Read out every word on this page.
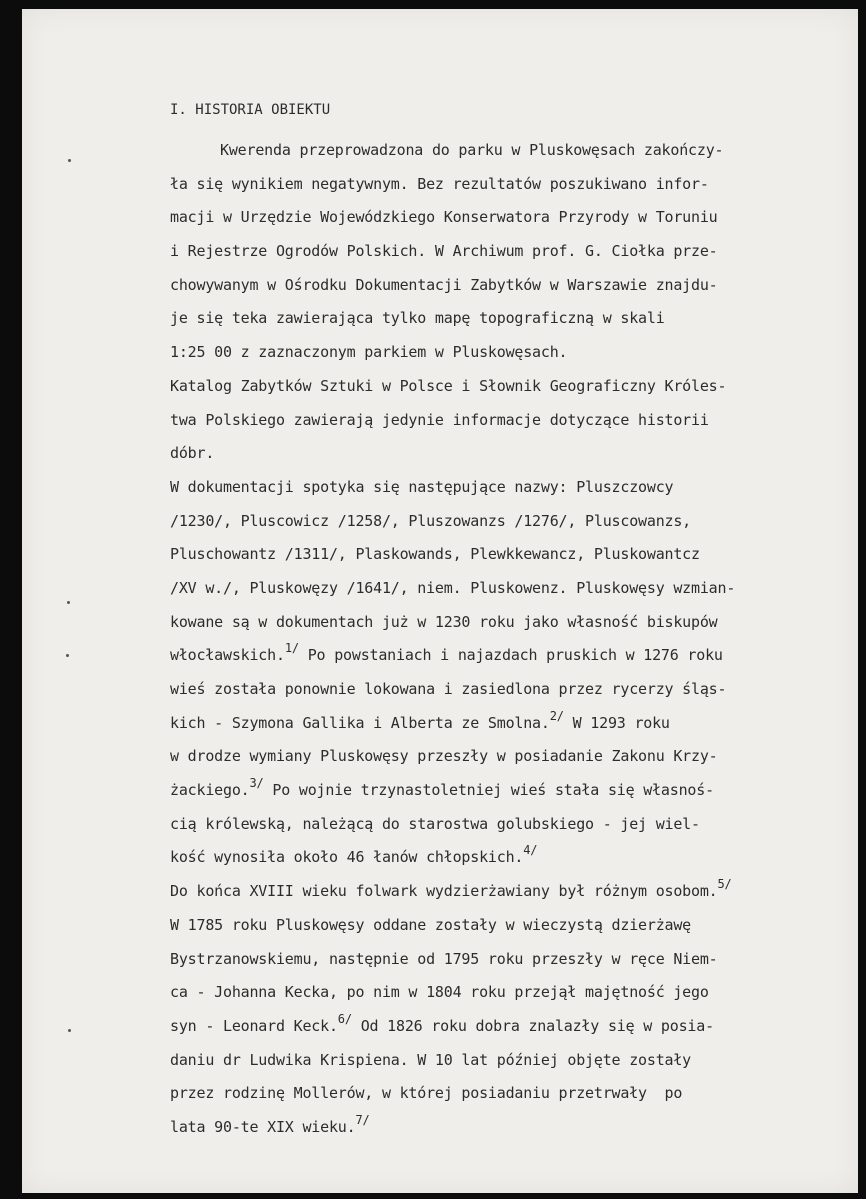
I. HISTORIA OBIEKTU
Kwerenda przeprowadzona do parku w Pluskowęsach zakończy-
ła się wynikiem negatywnym. Bez rezultatów poszukiwano infor-
macji w Urzędzie Wojewódzkiego Konserwatora Przyrody w Toruniu
i Rejestrze Ogrodów Polskich. W Archiwum prof. G. Ciołka prze-
chowywanym w Ośrodku Dokumentacji Zabytków w Warszawie znajdu-
je się teka zawierająca tylko mapę topograficzną w skali
1:25 00 z zaznaczonym parkiem w Pluskowęsach.
Katalog Zabytków Sztuki w Polsce i Słownik Geograficzny Króles-
twa Polskiego zawierają jedynie informacje dotyczące historii
dóbr.
W dokumentacji spotyka się następujące nazwy: Pluszczowcy
/1230/, Pluscowicz /1258/, Pluszowanzs /1276/, Pluscowanzs,
Pluschowantz /1311/, Plaskowands, Plewkkewancz, Pluskowantcz
/XV w./, Pluskowęzy /1641/, niem. Pluskowenz. Pluskowęsy wzmian-
kowane są w dokumentach już w 1230 roku jako własność biskupów
włocławskich.$^{1/}$ Po powstaniach i najazdach pruskich w 1276 roku
wieś została ponownie lokowana i zasiedlona przez rycerzy śląs-
kich - Szymona Gallika i Alberta ze Smolna.$^{2/}$ W 1293 roku
w drodze wymiany Pluskowęsy przeszły w posiadanie Zakonu Krzy-
żackiego.$^{3/}$ Po wojnie trzynastoletniej wieś stała się własnoś-
cią królewską, należącą do starostwa golubskiego - jej wiel-
kość wynosiła około 46 łanów chłopskich.$^{4/}$
Do końca XVIII wieku folwark wydzierżawiany był różnym osobom.$^{5/}$
W 1785 roku Pluskowęsy oddane zostały w wieczystą dzierżawę
Bystrzanowskiemu, następnie od 1795 roku przeszły w ręce Niem-
ca - Johanna Kecka, po nim w 1804 roku przejął majętność jego
syn - Leonard Keck.$^{6/}$ Od 1826 roku dobra znalazły się w posia-
daniu dr Ludwika Krispiena. W 10 lat później objęte zostały
przez rodzinę Mollerów, w której posiadaniu przetrwały  po
lata 90-te XIX wieku.$^{7/}$
